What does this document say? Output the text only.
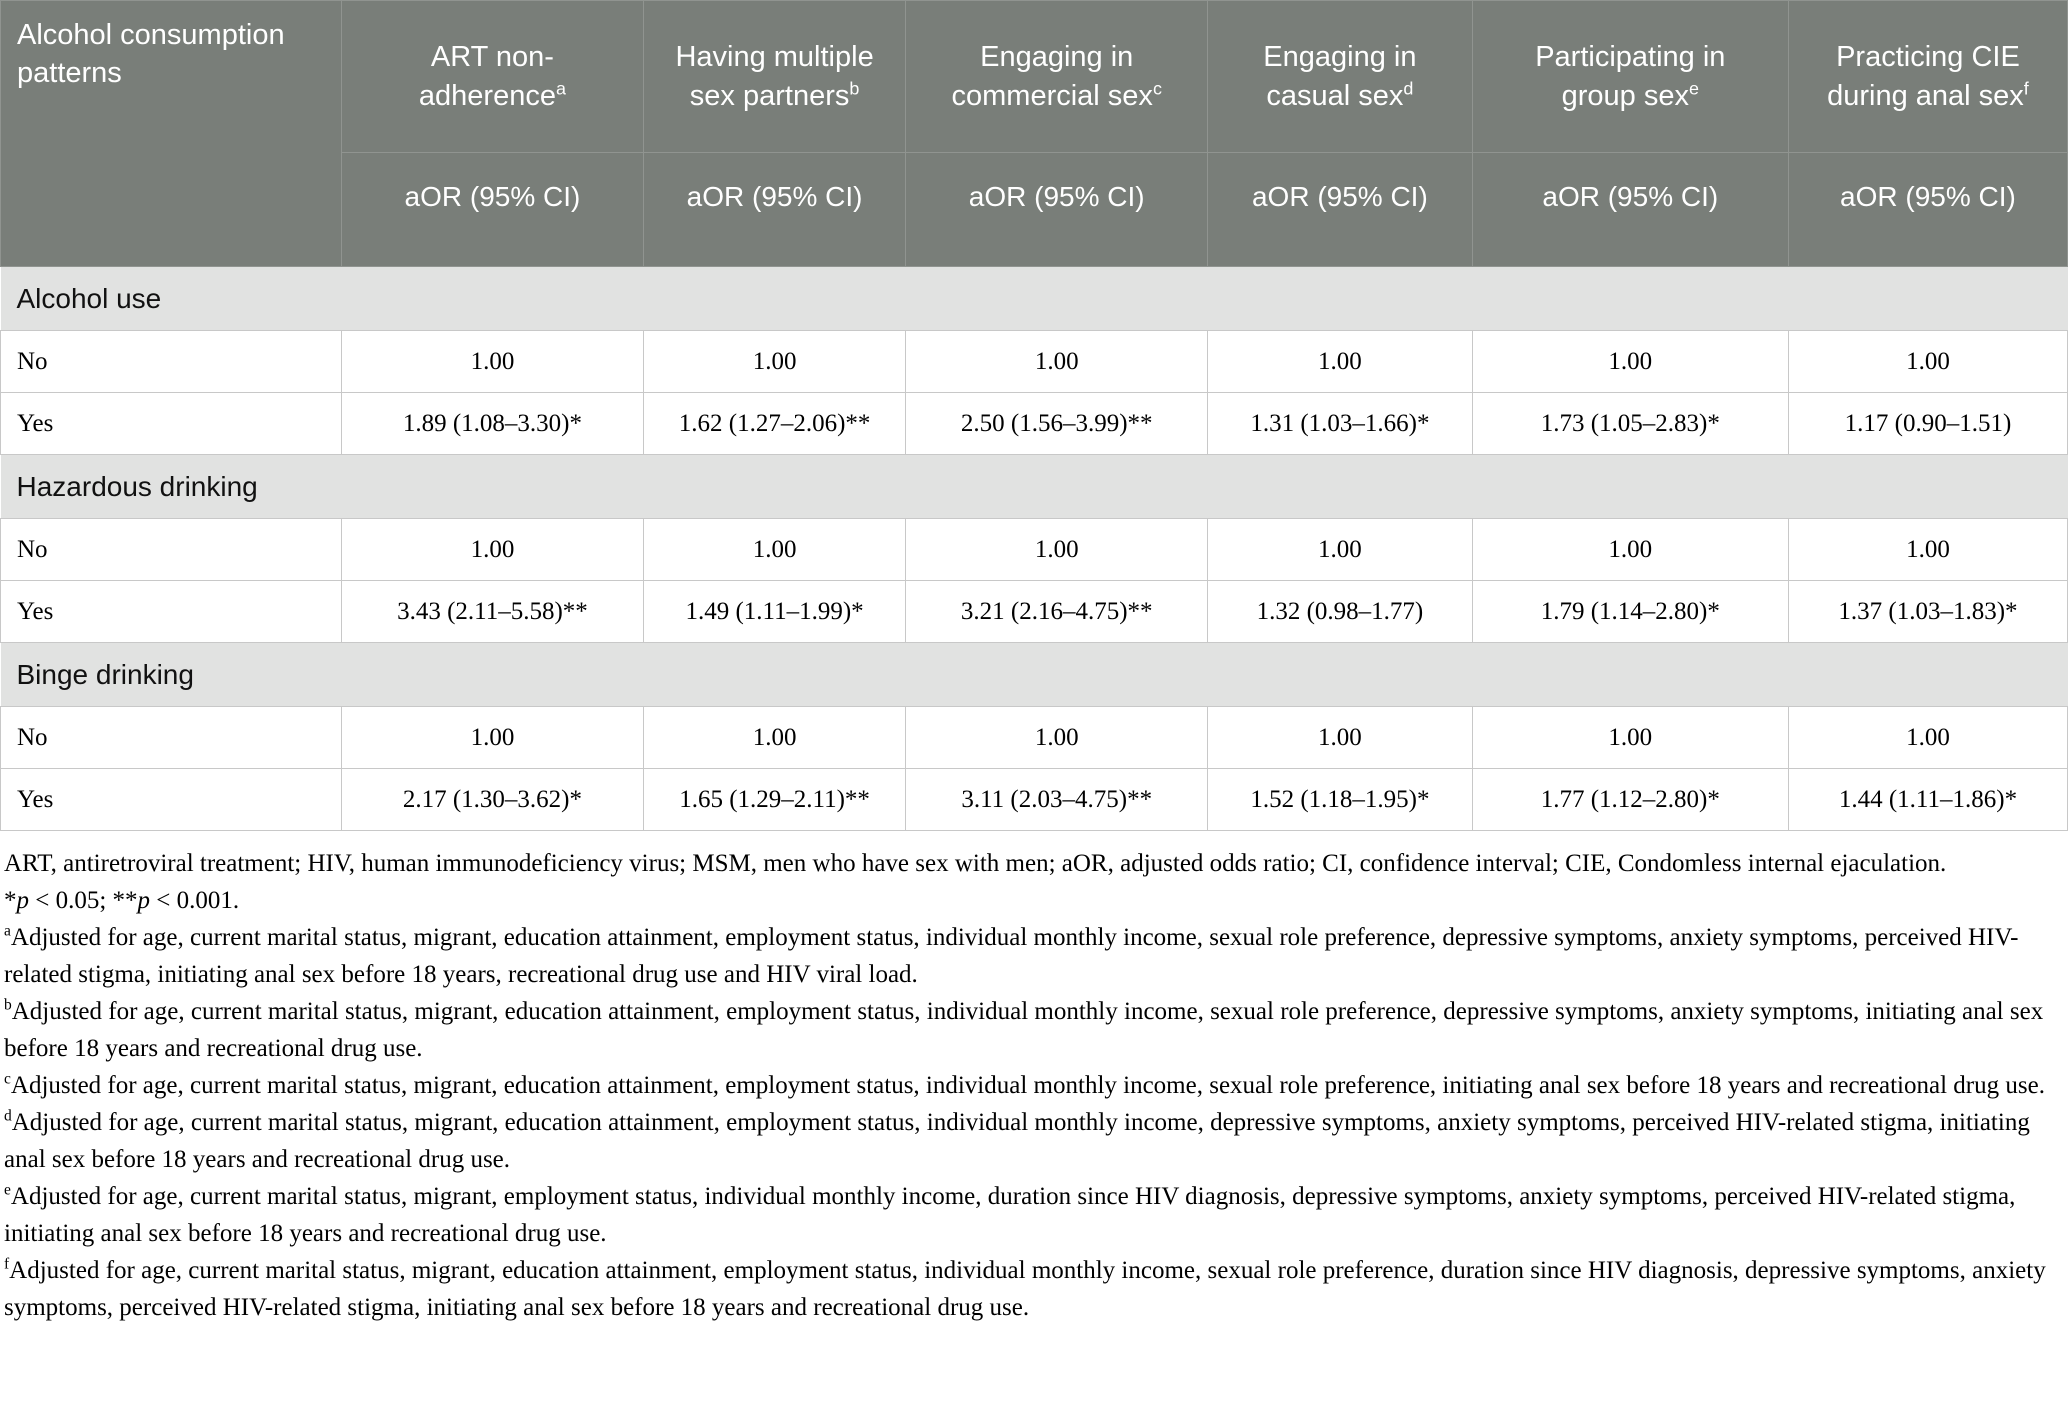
Alcohol consumption patterns	ART non-adherence$^a$	Having multiple sex partners$^b$	Engaging in commercial sex$^c$	Engaging in casual sex$^d$	Participating in group sex$^e$	Practicing CIE during anal sex$^f$
	aOR (95% CI)	aOR (95% CI)	aOR (95% CI)	aOR (95% CI)	aOR (95% CI)	aOR (95% CI)
Alcohol use						
No	1.00	1.00	1.00	1.00	1.00	1.00
Yes	1.89 (1.08–3.30)*	1.62 (1.27–2.06)**	2.50 (1.56–3.99)**	1.31 (1.03–1.66)*	1.73 (1.05–2.83)*	1.17 (0.90–1.51)
Hazardous drinking						
No	1.00	1.00	1.00	1.00	1.00	1.00
Yes	3.43 (2.11–5.58)**	1.49 (1.11–1.99)*	3.21 (2.16–4.75)**	1.32 (0.98–1.77)	1.79 (1.14–2.80)*	1.37 (1.03–1.83)*
Binge drinking						
No	1.00	1.00	1.00	1.00	1.00	1.00
Yes	2.17 (1.30–3.62)*	1.65 (1.29–2.11)**	3.11 (2.03–4.75)**	1.52 (1.18–1.95)*	1.77 (1.12–2.80)*	1.44 (1.11–1.86)*

ART, antiretroviral treatment; HIV, human immunodeficiency virus; MSM, men who have sex with men; aOR, adjusted odds ratio; CI, confidence interval; CIE, Condomless internal ejaculation.

*p < 0.05; **p < 0.001.

$^a$Adjusted for age, current marital status, migrant, education attainment, employment status, individual monthly income, sexual role preference, depressive symptoms, anxiety symptoms, perceived HIV-related stigma, initiating anal sex before 18 years, recreational drug use and HIV viral load.

$^b$Adjusted for age, current marital status, migrant, education attainment, employment status, individual monthly income, sexual role preference, depressive symptoms, anxiety symptoms, initiating anal sex before 18 years and recreational drug use.

$^c$Adjusted for age, current marital status, migrant, education attainment, employment status, individual monthly income, sexual role preference, initiating anal sex before 18 years and recreational drug use.

$^d$Adjusted for age, current marital status, migrant, education attainment, employment status, individual monthly income, depressive symptoms, anxiety symptoms, perceived HIV-related stigma, initiating anal sex before 18 years and recreational drug use.

$^e$Adjusted for age, current marital status, migrant, employment status, individual monthly income, duration since HIV diagnosis, depressive symptoms, anxiety symptoms, perceived HIV-related stigma, initiating anal sex before 18 years and recreational drug use.

$^f$Adjusted for age, current marital status, migrant, education attainment, employment status, individual monthly income, sexual role preference, duration since HIV diagnosis, depressive symptoms, anxiety symptoms, perceived HIV-related stigma, initiating anal sex before 18 years and recreational drug use.
